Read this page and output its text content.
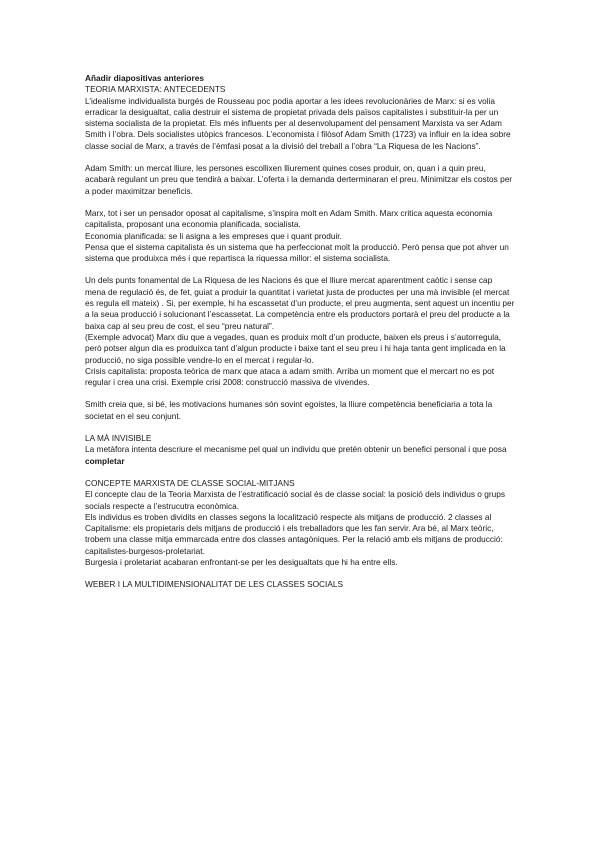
Añadir diapositivas anteriores

TEORIA MARXISTA: ANTECEDENTS

L’idealisme individualista burgés de Rousseau poc podia aportar a les idees revolucionàries de Marx: si es volia erradicar la desigualtat, calia destruir el sistema de propietat privada dels països capitalistes i substituir-la per un sistema socialista de la propietat. Els més influents per al desenvolupament del pensament Marxista va ser Adam Smith i l’obra. Dels socialistes utòpics francesos. L’economista i filòsof Adam Smith (1723) va influir en la idea sobre classe social de Marx, a través de l’èmfasi posat a la divisió del treball a l’obra “La Riquesa de les Nacions”.

Adam Smith: un mercat lliure, les persones escollixen lliurement quines coses produir, on, quan i a quin preu, acabarà regulant un preu que tendirà a baixar. L’oferta i la demanda derterminaran el preu. Minimitzar els costos per a poder maximitzar beneficis.

Marx, tot i ser un pensador oposat al capitalisme, s’inspira molt en Adam Smith. Marx critica aquesta economia capitalista, proposant una economia planificada, socialista.

Economia planificada: se li asigna a les empreses que i quant produir.

Pensa que el sistema capitalista és un sistema que ha perfeccionat molt la producció. Però pensa que pot ahver un sistema que produixca més i que repartisca la riquessa millor: el sistema socialista.

Un dels punts fonamental de La Riquesa de les Nacions és que el lliure mercat aparentment caòtic i sense cap mena de regulació és, de fet, guiat a produir la quantitat i varietat justa de productes per una mà invisible (el mercat es regula ell mateix) . Si, per exemple, hi ha escassetat d’un producte, el preu augmenta, sent aquest un incentiu per a la seua producció i solucionant l’escassetat. La competència entre els productors portarà el preu del producte a la baixa cap al seu preu de cost, el seu “preu natural”.

(Exemple advocat) Marx diu que a vegades, quan es produix molt d’un producte, baixen els preus i s’autorregula, però potser algun dia es produixca tant d’algun producte i baixe tant el seu preu i hi haja tanta gent implicada en la producció, no siga possible vendre-lo en el mercat i regular-lo.

Crisis capitalista: proposta teòrica de marx que ataca a adam smith. Arriba un moment que el mercart no es pot regular i crea una crisi. Exemple crisi 2008: construcció massiva de vivendes.

Smith creia que, si bé, les motivacions humanes són sovint egoistes, la lliure competència beneficiaria a tota la societat en el seu conjunt.

LA MÀ INVISIBLE

La metàfora intenta descriure el mecanisme pel qual un individu que pretén obtenir un benefici personal i que posa completar

CONCEPTE MARXISTA DE CLASSE SOCIAL-MITJANS

El concepte clau de la Teoria Marxista de l’estratificació social és de classe social: la posició dels individus o grups socials respecte a l’estrucutra econòmica.

Els individus es troben dividits en classes segons la localització respecte als mitjans de producció. 2 classes al Capitalisme: els propietaris dels mitjans de producció i els treballadors que les fan servir. Ara bé, al Marx teòric, trobem una classe mitja emmarcada entre dos classes antagòniques. Per la relació amb els mitjans de producció: capitalistes-burgesos-proletariat.

Burgesia i proletariat acabaran enfrontant-se per les desigualtats que hi ha entre ells.

WEBER I LA MULTIDIMENSIONALITAT DE LES CLASSES SOCIALS
